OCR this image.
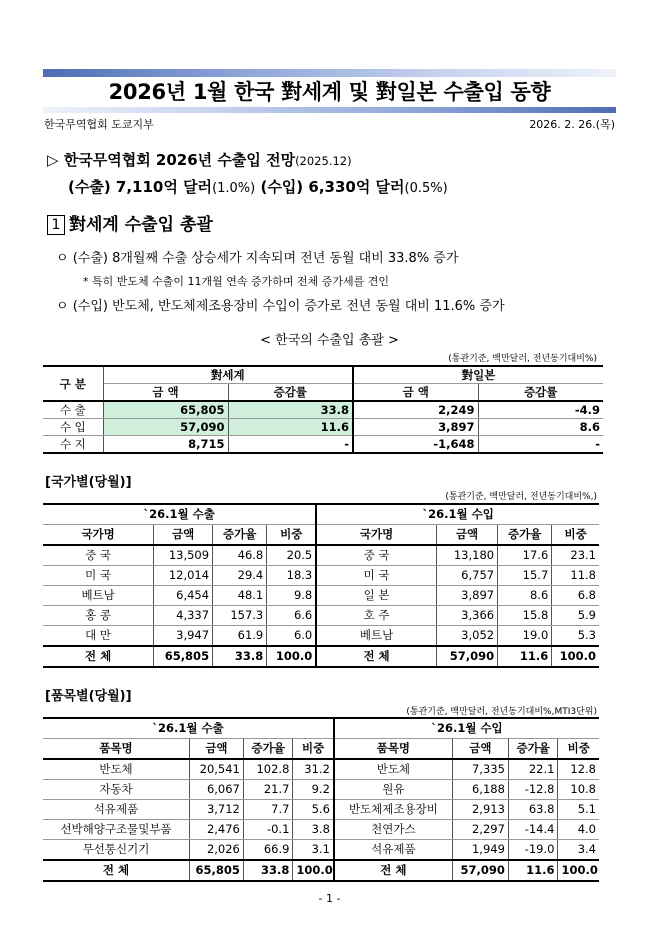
2026년 1월 한국 對세계 및 對일본 수출입 동향
한국무역협회 도쿄지부	2026. 2. 26.(목)
▷ 한국무역협회 2026년 수출입 전망(2025.12)
(수출) 7,110억 달러(1.0%) (수입) 6,330억 달러(0.5%)
1 對세계 수출입 총괄
ㅇ (수출) 8개월째 수출 상승세가 지속되며 전년 동월 대비 33.8% 증가
* 특히 반도체 수출이 11개월 연속 증가하며 전체 증가세를 견인
ㅇ (수입) 반도체, 반도체제조용장비 수입이 증가로 전년 동월 대비 11.6% 증가
< 한국의 수출입 총괄 >
(통관기준, 백만달러, 전년동기대비%)
구 분	對세계		對일본	
	금 액	증감률	금 액	증감률
수 출	65,805	33.8	2,249	-4.9
수 입	57,090	11.6	3,897	8.6
수 지	8,715	-	-1,648	-
[국가별(당월)]
(통관기준, 백만달러, 전년동기대비%,)
`26.1월 수출				`26.1월 수입			
국가명	금액	증가율	비중	국가명	금액	증가율	비중
중 국	13,509	46.8	20.5	중 국	13,180	17.6	23.1
미 국	12,014	29.4	18.3	미 국	6,757	15.7	11.8
베트남	6,454	48.1	9.8	일 본	3,897	8.6	6.8
홍 콩	4,337	157.3	6.6	호 주	3,366	15.8	5.9
대 만	3,947	61.9	6.0	베트남	3,052	19.0	5.3
전 체	65,805	33.8	100.0	전 체	57,090	11.6	100.0
[품목별(당월)]
(통관기준, 백만달러, 전년동기대비%,MTI3단위)
`26.1월 수출				`26.1월 수입			
품목명	금액	증가율	비중	품목명	금액	증가율	비중
반도체	20,541	102.8	31.2	반도체	7,335	22.1	12.8
자동차	6,067	21.7	9.2	원유	6,188	-12.8	10.8
석유제품	3,712	7.7	5.6	반도체제조용장비	2,913	63.8	5.1
선박해양구조물및부품	2,476	-0.1	3.8	천연가스	2,297	-14.4	4.0
무선통신기기	2,026	66.9	3.1	석유제품	1,949	-19.0	3.4
전 체	65,805	33.8	100.0	전 체	57,090	11.6	100.0
- 1 -
